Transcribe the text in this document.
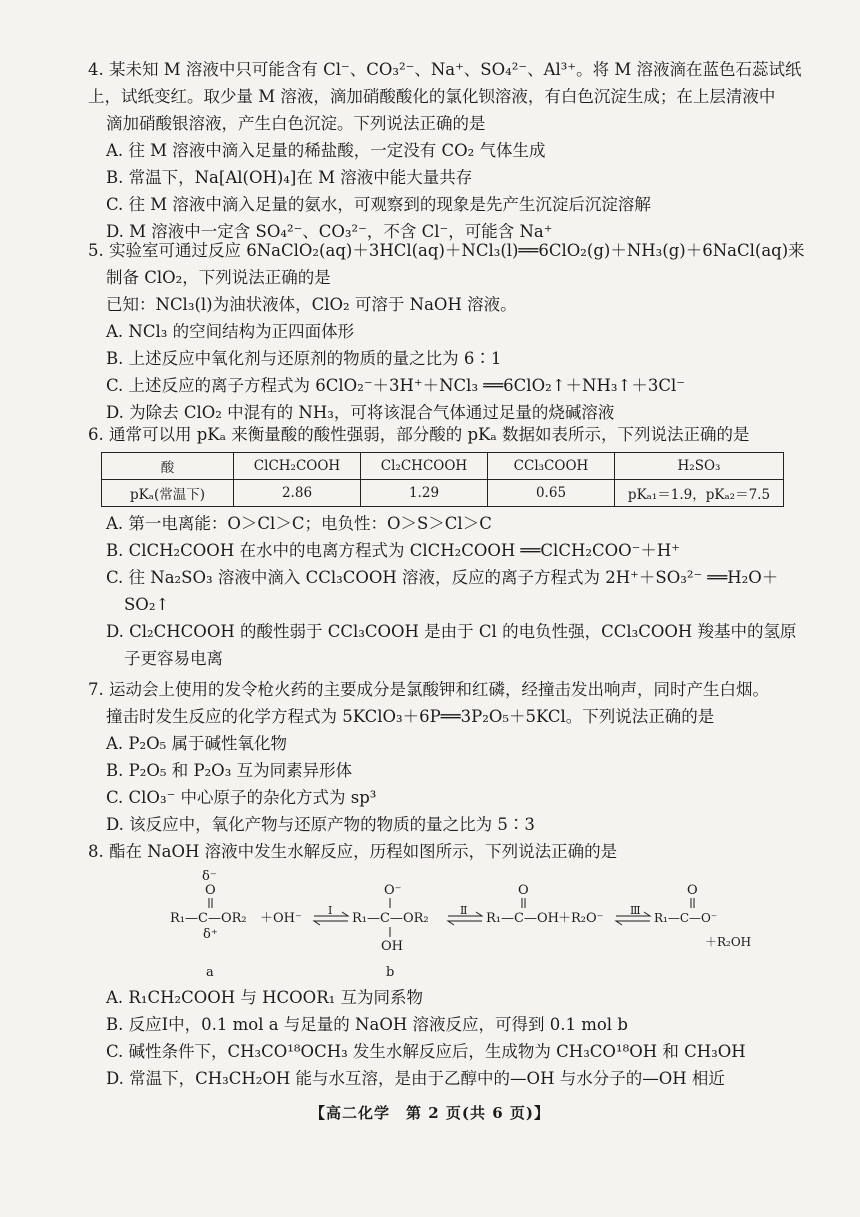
4. 某未知 M 溶液中只可能含有 Cl⁻、CO₃²⁻、Na⁺、SO₄²⁻、Al³⁺。将 M 溶液滴在蓝色石蕊试纸
上，试纸变红。取少量 M 溶液，滴加硝酸酸化的氯化钡溶液，有白色沉淀生成；在上层清液中
滴加硝酸银溶液，产生白色沉淀。下列说法正确的是
A. 往 M 溶液中滴入足量的稀盐酸，一定没有 CO₂ 气体生成
B. 常温下，Na[Al(OH)₄]在 M 溶液中能大量共存
C. 往 M 溶液中滴入足量的氨水，可观察到的现象是先产生沉淀后沉淀溶解
D. M 溶液中一定含 SO₄²⁻、CO₃²⁻，不含 Cl⁻，可能含 Na⁺
5. 实验室可通过反应 6NaClO₂(aq)＋3HCl(aq)＋NCl₃(l)══6ClO₂(g)＋NH₃(g)＋6NaCl(aq)来
制备 ClO₂，下列说法正确的是
已知：NCl₃(l)为油状液体，ClO₂ 可溶于 NaOH 溶液。
A. NCl₃ 的空间结构为正四面体形
B. 上述反应中氧化剂与还原剂的物质的量之比为 6∶1
C. 上述反应的离子方程式为 6ClO₂⁻＋3H⁺＋NCl₃ ══6ClO₂↑＋NH₃↑＋3Cl⁻
D. 为除去 ClO₂ 中混有的 NH₃，可将该混合气体通过足量的烧碱溶液
6. 通常可以用 pKₐ 来衡量酸的酸性强弱，部分酸的 pKₐ 数据如表所示，下列说法正确的是
酸	ClCH₂COOH	Cl₂CHCOOH	CCl₃COOH	H₂SO₃
pKₐ(常温下)	2.86	1.29	0.65	pKₐ₁＝1.9，pKₐ₂＝7.5
A. 第一电离能：O＞Cl＞C；电负性：O＞S＞Cl＞C
B. ClCH₂COOH 在水中的电离方程式为 ClCH₂COOH ══ClCH₂COO⁻＋H⁺
C. 往 Na₂SO₃ 溶液中滴入 CCl₃COOH 溶液，反应的离子方程式为 2H⁺＋SO₃²⁻ ══H₂O＋
SO₂↑
D. Cl₂CHCOOH 的酸性弱于 CCl₃COOH 是由于 Cl 的电负性强，CCl₃COOH 羧基中的氢原
子更容易电离
7. 运动会上使用的发令枪火药的主要成分是氯酸钾和红磷，经撞击发出响声，同时产生白烟。
撞击时发生反应的化学方程式为 5KClO₃＋6P══3P₂O₅＋5KCl。下列说法正确的是
A. P₂O₅ 属于碱性氧化物
B. P₂O₅ 和 P₂O₃ 互为同素异形体
C. ClO₃⁻ 中心原子的杂化方式为 sp³
D. 该反应中，氧化产物与还原产物的物质的量之比为 5∶3
8. 酯在 NaOH 溶液中发生水解反应，历程如图所示，下列说法正确的是
δ⁻
O
R₁—C—OR₂
δ⁺
＋OH⁻
a
Ⅰ
O⁻
R₁—C—OR₂
OH
b
Ⅱ
O
R₁—C—OH ＋R₂O⁻
Ⅲ
O
R₁—C—O⁻
＋R₂OH
A. R₁CH₂COOH 与 HCOOR₁ 互为同系物
B. 反应Ⅰ中，0.1 mol a 与足量的 NaOH 溶液反应，可得到 0.1 mol b
C. 碱性条件下，CH₃CO¹⁸OCH₃ 发生水解反应后，生成物为 CH₃CO¹⁸OH 和 CH₃OH
D. 常温下，CH₃CH₂OH 能与水互溶，是由于乙醇中的—OH 与水分子的—OH 相近
【高二化学　第 2 页(共 6 页)】
